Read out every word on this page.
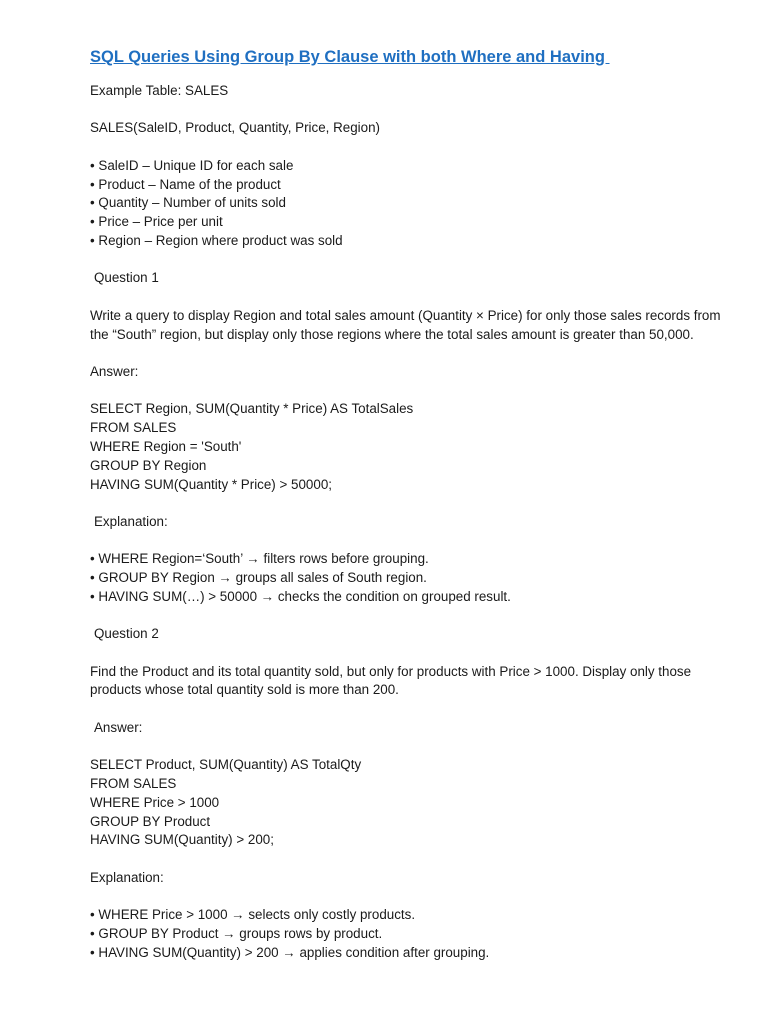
SQL Queries Using Group By Clause with both Where and Having
Example Table: SALES
SALES(SaleID, Product, Quantity, Price, Region)
• SaleID – Unique ID for each sale
• Product – Name of the product
• Quantity – Number of units sold
• Price – Price per unit
• Region – Region where product was sold
Question 1
Write a query to display Region and total sales amount (Quantity × Price) for only those sales records from the “South” region, but display only those regions where the total sales amount is greater than 50,000.
Answer:
SELECT Region, SUM(Quantity * Price) AS TotalSales
FROM SALES
WHERE Region = 'South'
GROUP BY Region
HAVING SUM(Quantity * Price) > 50000;
Explanation:
• WHERE Region=‘South’ → filters rows before grouping.
• GROUP BY Region → groups all sales of South region.
• HAVING SUM(…) > 50000 → checks the condition on grouped result.
Question 2
Find the Product and its total quantity sold, but only for products with Price > 1000. Display only those products whose total quantity sold is more than 200.
Answer:
SELECT Product, SUM(Quantity) AS TotalQty
FROM SALES
WHERE Price > 1000
GROUP BY Product
HAVING SUM(Quantity) > 200;
Explanation:
• WHERE Price > 1000 → selects only costly products.
• GROUP BY Product → groups rows by product.
• HAVING SUM(Quantity) > 200 → applies condition after grouping.
